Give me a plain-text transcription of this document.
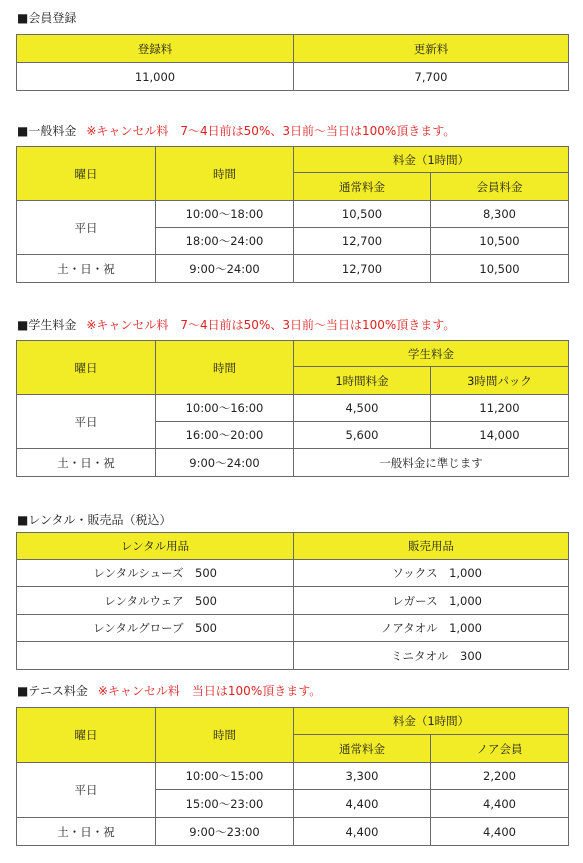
■会員登録
登録料	更新料
11,000	7,700
■一般料金 ※キャンセル料　7～4日前は50%、3日前～当日は100%頂きます。
曜日	時間	料金（1時間）	
		通常料金	会員料金
平日	10:00～18:00	10,500	8,300
	18:00～24:00	12,700	10,500
土・日・祝	9:00～24:00	12,700	10,500
■学生料金 ※キャンセル料　7～4日前は50%、3日前～当日は100%頂きます。
曜日	時間	学生料金	
		1時間料金	3時間パック
平日	10:00～16:00	4,500	11,200
	16:00～20:00	5,600	14,000
土・日・祝	9:00～24:00	一般料金に準じます	
■レンタル・販売品（税込）
レンタル用品	販売用品
レンタルシューズ　500	ソックス　1,000
レンタルウェア　500	レガース　1,000
レンタルグローブ　500	ノアタオル　1,000
	ミニタオル　300
■テニス料金 ※キャンセル料　当日は100%頂きます。
曜日	時間	料金（1時間）	
		通常料金	ノア会員
平日	10:00～15:00	3,300	2,200
	15:00～23:00	4,400	4,400
土・日・祝	9:00～23:00	4,400	4,400
